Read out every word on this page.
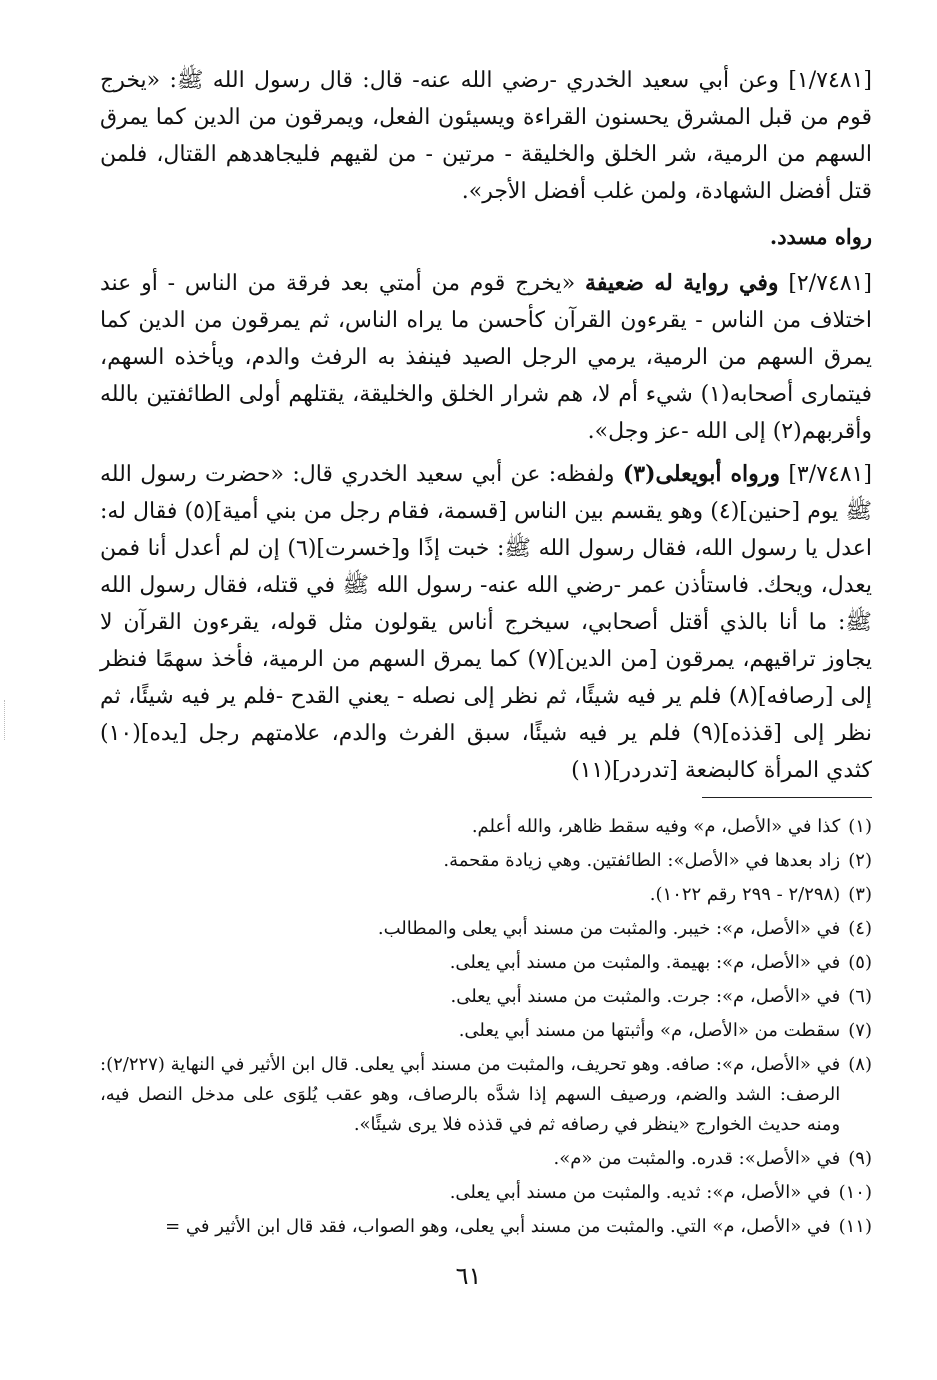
[١/٧٤٨١] وعن أبي سعيد الخدري -رضي الله عنه- قال: قال رسول الله ﷺ: «يخرج قوم من قبل المشرق يحسنون القراءة ويسيئون الفعل، ويمرقون من الدين كما يمرق السهم من الرمية، شر الخلق والخليقة - مرتين - من لقيهم فليجاهدهم القتال، فلمن قتل أفضل الشهادة، ولمن غلب أفضل الأجر».

رواه مسدد.

[٢/٧٤٨١] وفي رواية له ضعيفة «يخرج قوم من أمتي بعد فرقة من الناس - أو عند اختلاف من الناس - يقرءون القرآن كأحسن ما يراه الناس، ثم يمرقون من الدين كما يمرق السهم من الرمية، يرمي الرجل الصيد فينفذ به الرفث والدم، ويأخذه السهم، فيتمارى أصحابه(١) شيء أم لا، هم شرار الخلق والخليقة، يقتلهم أولى الطائفتين بالله وأقربهم(٢) إلى الله -عز وجل».

[٣/٧٤٨١] ورواه أبويعلى(٣) ولفظه: عن أبي سعيد الخدري قال: «حضرت رسول الله ﷺ يوم [حنين](٤) وهو يقسم بين الناس [قسمة، فقام رجل من بني أمية](٥) فقال له: اعدل يا رسول الله، فقال رسول الله ﷺ: خبت إذًا و[خسرت](٦) إن لم أعدل أنا فمن يعدل، ويحك. فاستأذن عمر -رضي الله عنه- رسول الله ﷺ في قتله، فقال رسول الله ﷺ: ما أنا بالذي أقتل أصحابي، سيخرج أناس يقولون مثل قوله، يقرءون القرآن لا يجاوز تراقيهم، يمرقون [من الدين](٧) كما يمرق السهم من الرمية، فأخذ سهمًا فنظر إلى [رصافه](٨) فلم ير فيه شيئًا، ثم نظر إلى نصله - يعني القدح -فلم ير فيه شيئًا، ثم نظر إلى [قذذه](٩) فلم ير فيه شيئًا، سبق الفرث والدم، علامتهم رجل [يده](١٠) كثدي المرأة كالبضعة [تدردر](١١)

(١)
كذا في «الأصل، م» وفيه سقط ظاهر، والله أعلم.
(٢)
زاد بعدها في «الأصل»: الطائفتين. وهي زيادة مقحمة.
(٣)
(٢/٢٩٨ - ٢٩٩ رقم ١٠٢٢).
(٤)
في «الأصل، م»: خيبر. والمثبت من مسند أبي يعلى والمطالب.
(٥)
في «الأصل، م»: بهيمة. والمثبت من مسند أبي يعلى.
(٦)
في «الأصل، م»: جرت. والمثبت من مسند أبي يعلى.
(٧)
سقطت من «الأصل، م» وأثبتها من مسند أبي يعلى.
(٨)
في «الأصل، م»: صافه. وهو تحريف، والمثبت من مسند أبي يعلى. قال ابن الأثير في النهاية (٢/٢٢٧): الرصف: الشد والضم، ورصيف السهم إذا شدَّه بالرصاف، وهو عقب يُلوَى على مدخل النصل فيه، ومنه حديث الخوارج «ينظر في رصافه ثم في قذذه فلا يرى شيئًا».
(٩)
في «الأصل»: قدره. والمثبت من «م».
(١٠)
في «الأصل، م»: ثديه. والمثبت من مسند أبي يعلى.
(١١)
في «الأصل، م» التي. والمثبت من مسند أبي يعلى، وهو الصواب، فقد قال ابن الأثير في =
٦١
